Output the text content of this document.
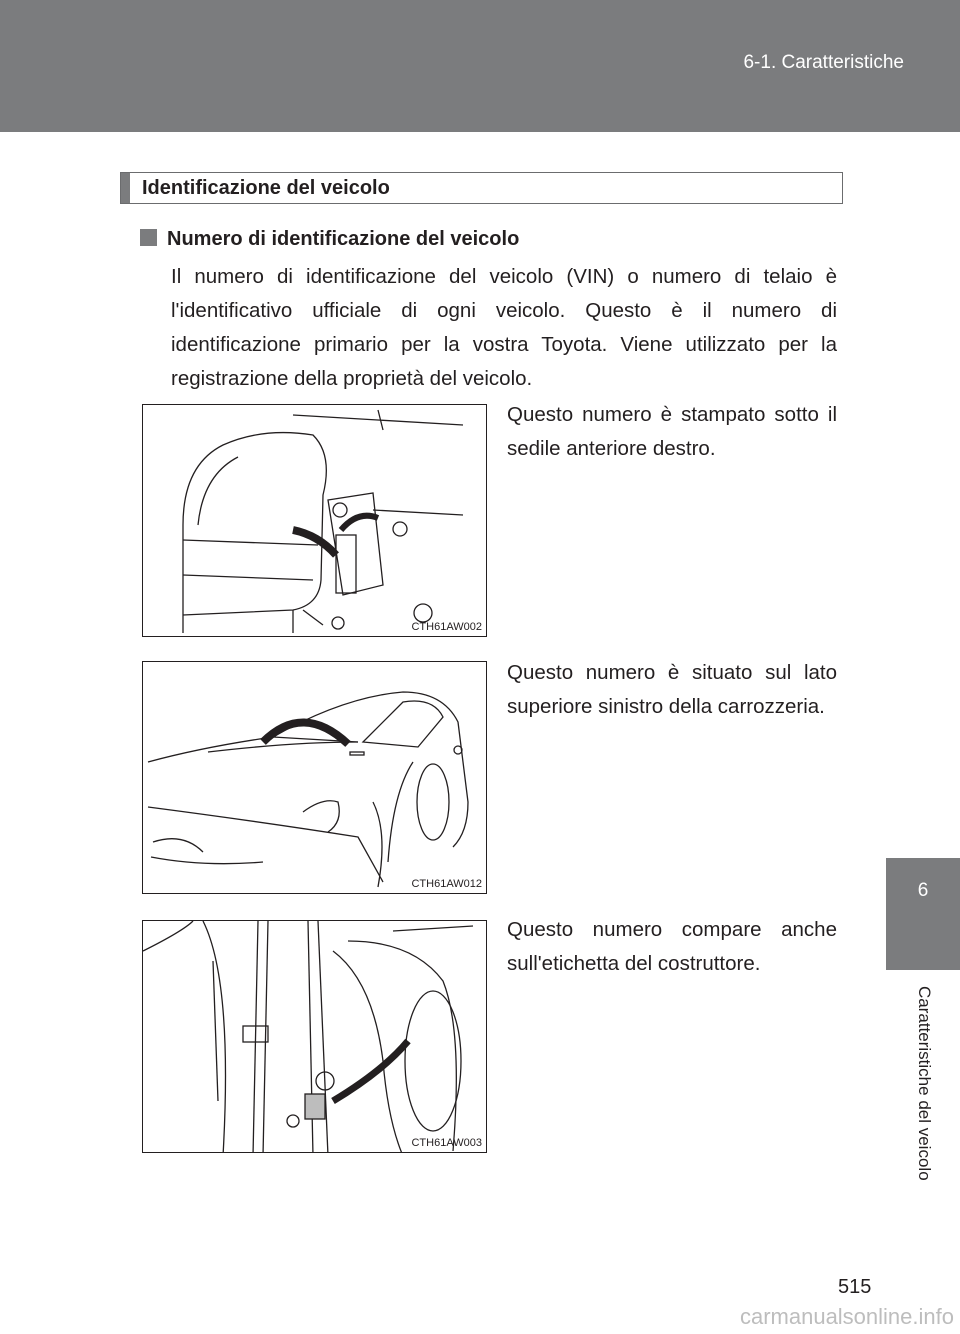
6-1. Caratteristiche
6
Caratteristiche del veicolo
Identificazione del veicolo
Numero di identificazione del veicolo
Il numero di identificazione del veicolo (VIN) o numero di telaio è l'identificativo ufficiale di ogni veicolo. Questo è il numero di identificazione primario per la vostra Toyota. Viene utilizzato per la registrazione della proprietà del veicolo.
CTH61AW002
Questo numero è stampato sotto il sedile anteriore destro.
CTH61AW012
Questo numero è situato sul lato superiore sinistro della carrozzeria.
CTH61AW003
Questo numero compare anche sull'etichetta del costruttore.
515
carmanualsonline.info
